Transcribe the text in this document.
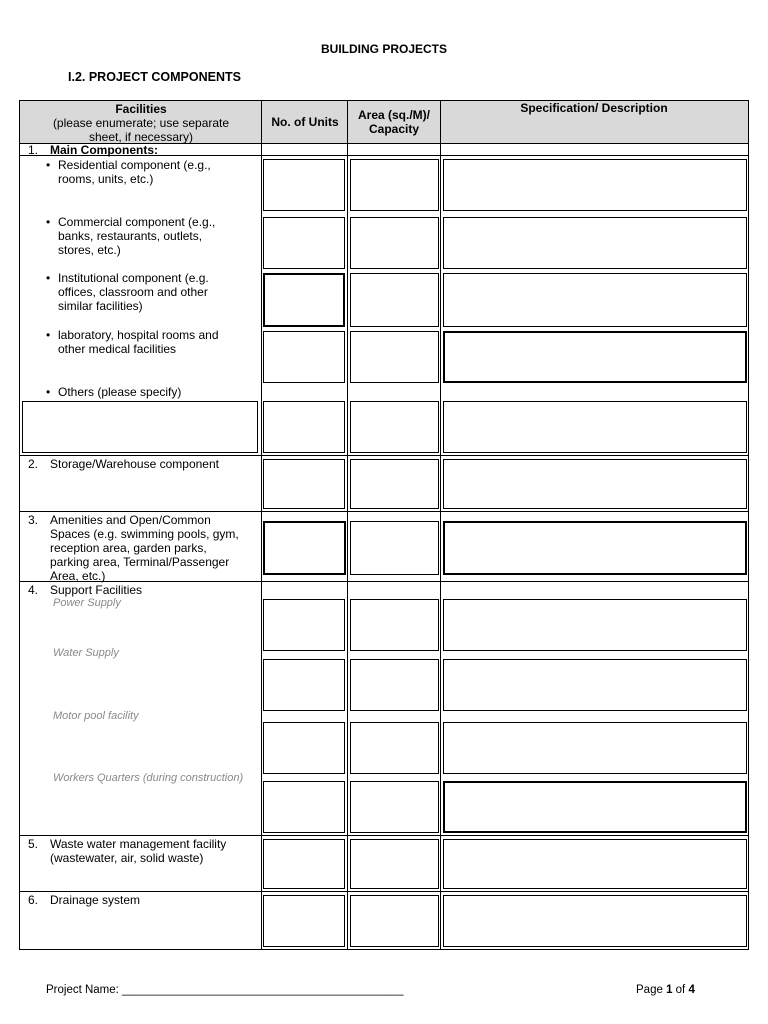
BUILDING PROJECTS
I.2. PROJECT COMPONENTS
Facilities
(please enumerate; use separate
sheet, if necessary)
No. of Units	Area (sq./M)/
Capacity
Specification/ Description
1. Main Components:
• Residential component (e.g.,
rooms, units, etc.)
• Commercial component (e.g.,
banks, restaurants, outlets,
stores, etc.)
• Institutional component (e.g.
offices, classroom and other
similar facilities)
• laboratory, hospital rooms and
other medical facilities
• Others (please specify)
2. Storage/Warehouse component
3. Amenities and Open/Common
Spaces (e.g. swimming pools, gym,
reception area, garden parks,
parking area, Terminal/Passenger
Area, etc.)
4. Support Facilities
Power Supply
Water Supply
Motor pool facility
Workers Quarters (during construction)
5. Waste water management facility
(wastewater, air, solid waste)
6. Drainage system
Project Name: ____________________________________________	Page 1 of 4
